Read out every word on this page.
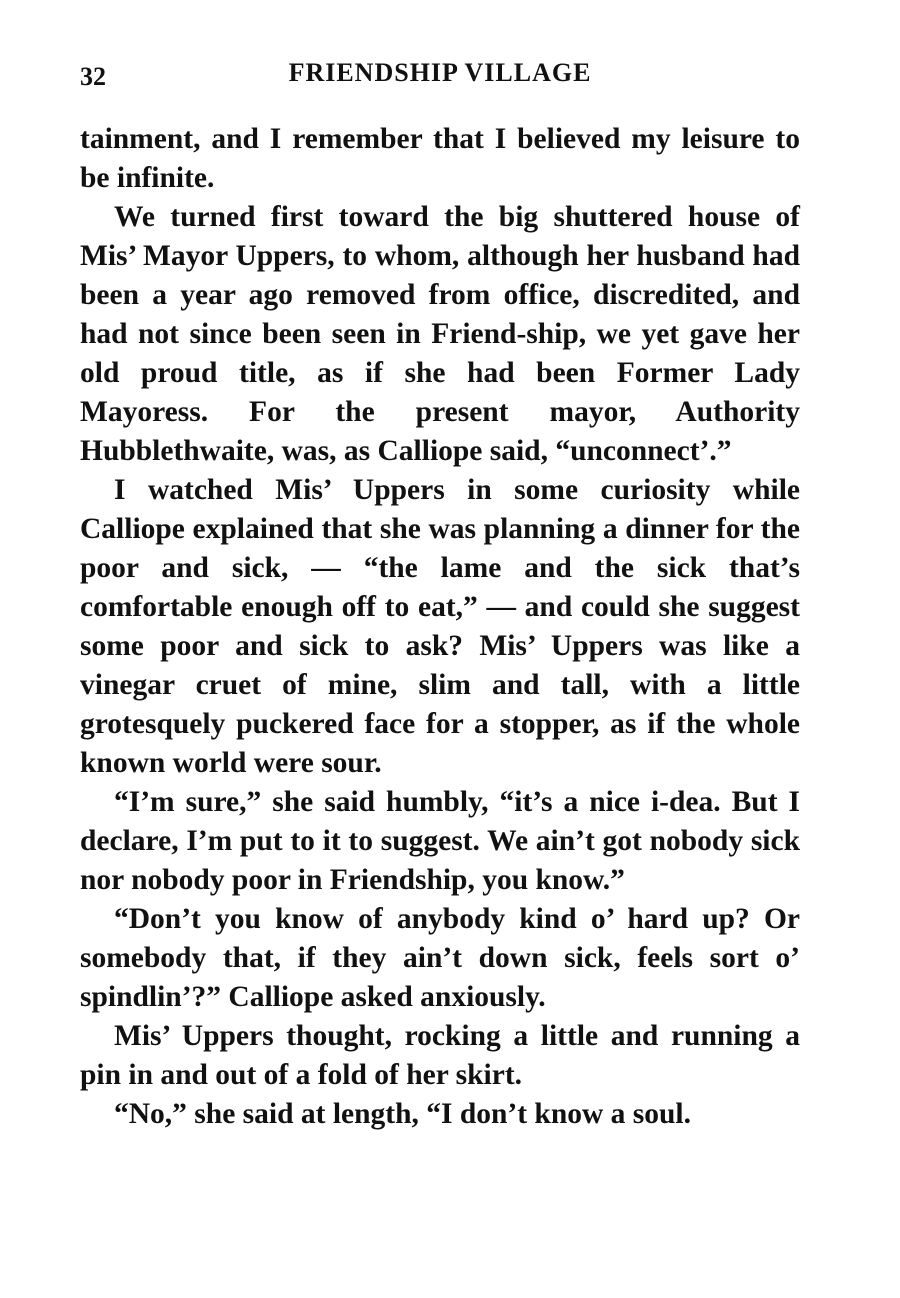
32	FRIENDSHIP VILLAGE

tainment, and I remember that I believed my leisure to be infinite.

We turned first toward the big shuttered house of Mis’ Mayor Uppers, to whom, although her husband had been a year ago removed from office, discredited, and had not since been seen in Friend-ship, we yet gave her old proud title, as if she had been Former Lady Mayoress. For the present mayor, Authority Hubblethwaite, was, as Calliope said, “unconnect’.”

I watched Mis’ Uppers in some curiosity while Calliope explained that she was planning a dinner for the poor and sick, — “the lame and the sick that’s comfortable enough off to eat,” — and could she suggest some poor and sick to ask? Mis’ Uppers was like a vinegar cruet of mine, slim and tall, with a little grotesquely puckered face for a stopper, as if the whole known world were sour.

“I’m sure,” she said humbly, “it’s a nice i-dea. But I declare, I’m put to it to suggest. We ain’t got nobody sick nor nobody poor in Friendship, you know.”

“Don’t you know of anybody kind o’ hard up? Or somebody that, if they ain’t down sick, feels sort o’ spindlin’?” Calliope asked anxiously.

Mis’ Uppers thought, rocking a little and running a pin in and out of a fold of her skirt.

“No,” she said at length, “I don’t know a soul.
